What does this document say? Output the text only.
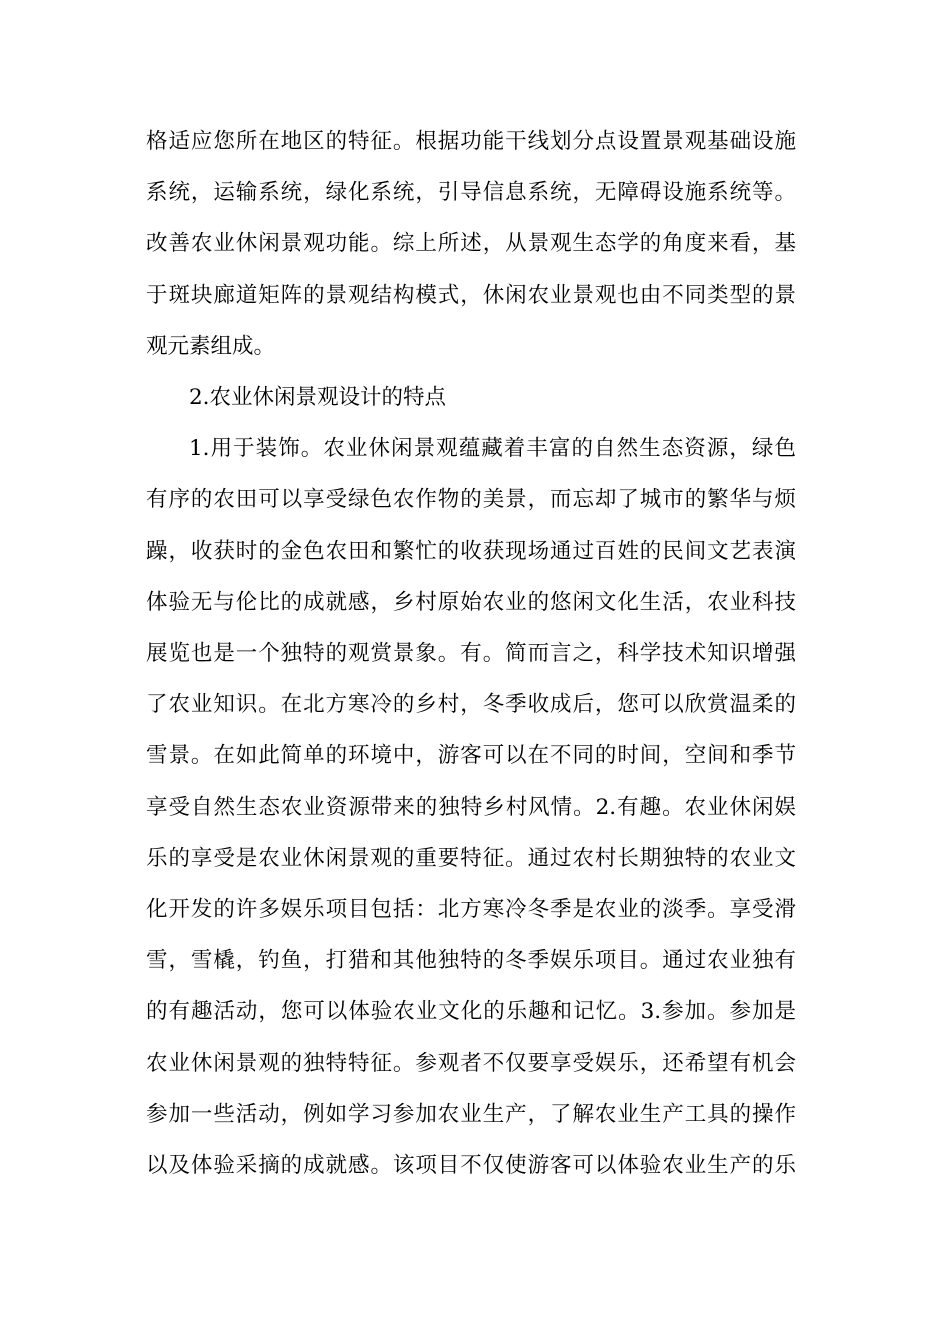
格适应您所在地区的特征。根据功能干线划分点设置景观基础设施
系统，运输系统，绿化系统，引导信息系统，无障碍设施系统等。
改善农业休闲景观功能。综上所述，从景观生态学的角度来看，基
于斑块廊道矩阵的景观结构模式，休闲农业景观也由不同类型的景
观元素组成。
2.农业休闲景观设计的特点
1.用于装饰。农业休闲景观蕴藏着丰富的自然生态资源，绿色
有序的农田可以享受绿色农作物的美景，而忘却了城市的繁华与烦
躁，收获时的金色农田和繁忙的收获现场通过百姓的民间文艺表演
体验无与伦比的成就感，乡村原始农业的悠闲文化生活，农业科技
展览也是一个独特的观赏景象。有。简而言之，科学技术知识增强
了农业知识。在北方寒冷的乡村，冬季收成后，您可以欣赏温柔的
雪景。在如此简单的环境中，游客可以在不同的时间，空间和季节
享受自然生态农业资源带来的独特乡村风情。2.有趣。农业休闲娱
乐的享受是农业休闲景观的重要特征。通过农村长期独特的农业文
化开发的许多娱乐项目包括：北方寒冷冬季是农业的淡季。享受滑
雪，雪橇，钓鱼，打猎和其他独特的冬季娱乐项目。通过农业独有
的有趣活动，您可以体验农业文化的乐趣和记忆。3.参加。参加是
农业休闲景观的独特特征。参观者不仅要享受娱乐，还希望有机会
参加一些活动，例如学习参加农业生产，了解农业生产工具的操作
以及体验采摘的成就感。该项目不仅使游客可以体验农业生产的乐
